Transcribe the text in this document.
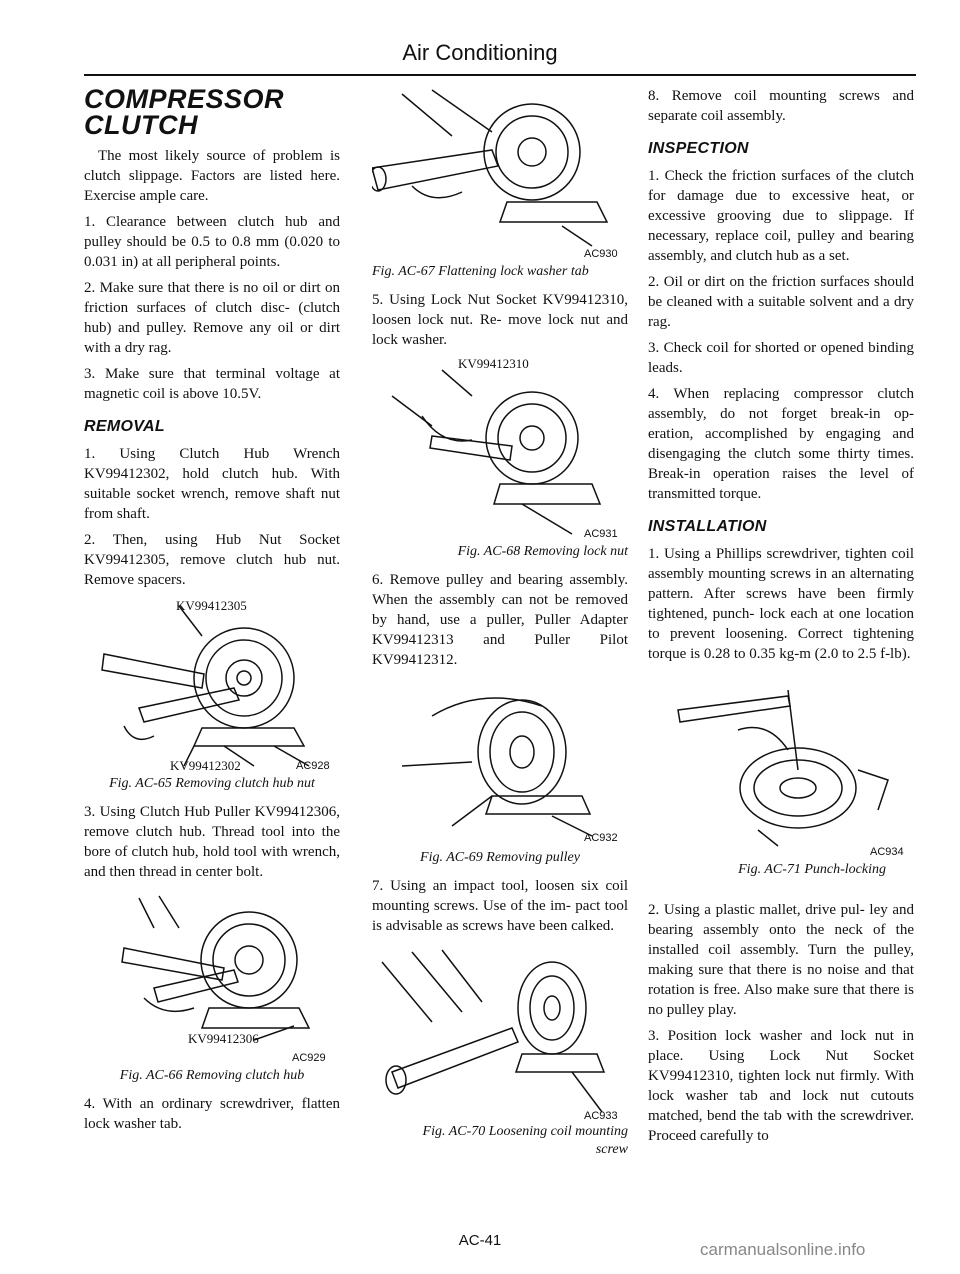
Air Conditioning
COMPRESSOR CLUTCH

The most likely source of problem is clutch slippage. Factors are listed here. Exercise ample care.

1. Clearance between clutch hub and pulley should be 0.5 to 0.8 mm (0.020 to 0.031 in) at all peripheral points.

2. Make sure that there is no oil or dirt on friction surfaces of clutch disc- (clutch hub) and pulley. Remove any oil or dirt with a dry rag.

3. Make sure that terminal voltage at magnetic coil is above 10.5V.

REMOVAL

1. Using Clutch Hub Wrench KV99412302, hold clutch hub. With suitable socket wrench, remove shaft nut from shaft.

2. Then, using Hub Nut Socket KV99412305, remove clutch hub nut. Remove spacers.

KV99412305
KV99412302	AC928
Fig. AC-65 Removing clutch hub nut

3. Using Clutch Hub Puller KV99412306, remove clutch hub. Thread tool into the bore of clutch hub, hold tool with wrench, and then thread in center bolt.

KV99412306
AC929
Fig. AC-66 Removing clutch hub

4. With an ordinary screwdriver, flatten lock washer tab.

AC930
Fig. AC-67 Flattening lock washer tab

5. Using Lock Nut Socket KV99412310, loosen lock nut. Re- move lock nut and lock washer.

KV99412310
AC931
Fig. AC-68 Removing lock nut

6. Remove pulley and bearing assembly. When the assembly can not be removed by hand, use a puller, Puller Adapter KV99412313 and Puller Pilot KV99412312.

AC932
Fig. AC-69 Removing pulley

7. Using an impact tool, loosen six coil mounting screws. Use of the im- pact tool is advisable as screws have been calked.

AC933
Fig. AC-70 Loosening coil mounting
screw

8. Remove coil mounting screws and separate coil assembly.

INSPECTION

1. Check the friction surfaces of the clutch for damage due to excessive heat, or excessive grooving due to slippage. If necessary, replace coil, pulley and bearing assembly, and clutch hub as a set.

2. Oil or dirt on the friction surfaces should be cleaned with a suitable solvent and a dry rag.

3. Check coil for shorted or opened binding leads.

4. When replacing compressor clutch assembly, do not forget break-in op- eration, accomplished by engaging and disengaging the clutch some thirty times. Break-in operation raises the level of transmitted torque.

INSTALLATION

1. Using a Phillips screwdriver, tighten coil assembly mounting screws in an alternating pattern. After screws have been firmly tightened, punch- lock each at one location to prevent loosening. Correct tightening torque is 0.28 to 0.35 kg-m (2.0 to 2.5 f-lb).

AC934
Fig. AC-71 Punch-locking

2. Using a plastic mallet, drive pul- ley and bearing assembly onto the neck of the installed coil assembly. Turn the pulley, making sure that there is no noise and that rotation is free. Also make sure that there is no pulley play.

3. Position lock washer and lock nut in place. Using Lock Nut Socket KV99412310, tighten lock nut firmly. With lock washer tab and lock nut cutouts matched, bend the tab with the screwdriver. Proceed carefully to

AC-41	carmanualsonline.info
